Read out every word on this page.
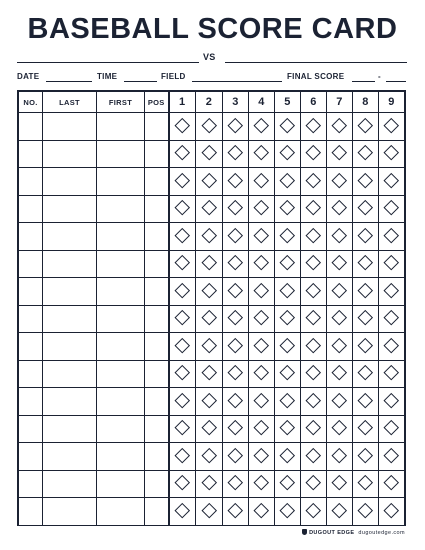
BASEBALL SCORE CARD
VS
DATE	TIME	FIELD	FINAL SCORE	-
NO.	LAST	FIRST	POS	1	2	3	4	5	6	7	8	9

DUGOUT EDGE dugoutedge.com
